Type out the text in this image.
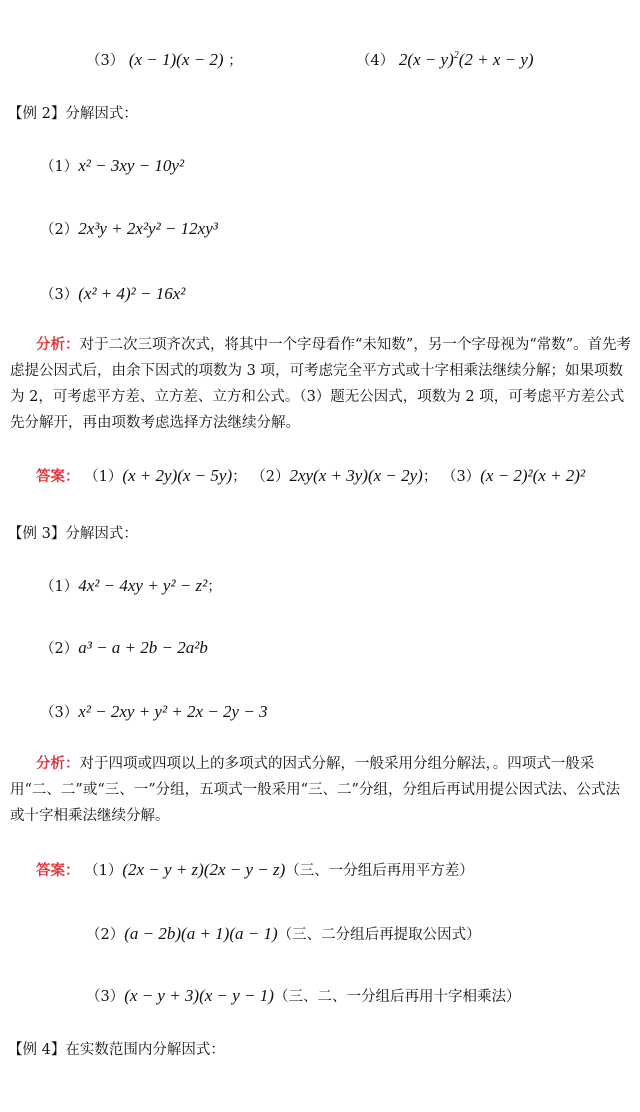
（3） (x − 1)(x − 2) ；	（4） $2(x - y)^2(2 + x - y)$
【例 2】分解因式：
（1）x² − 3xy − 10y²
（2）2x³y + 2x²y² − 12xy³
（3）(x² + 4)² − 16x²
分析：对于二次三项齐次式，将其中一个字母看作“未知数”，另一个字母视为“常数”。首先考虑提公因式后，由余下因式的项数为 3 项，可考虑完全平方式或十字相乘法继续分解；如果项数为 2，可考虑平方差、立方差、立方和公式。（3）题无公因式，项数为 2 项，可考虑平方差公式先分解开，再由项数考虑选择方法继续分解。
答案： （1）(x + 2y)(x − 5y)； （2）2xy(x + 3y)(x − 2y)； （3）(x − 2)²(x + 2)²
【例 3】分解因式：
（1）4x² − 4xy + y² − z²；
（2）a³ − a + 2b − 2a²b
（3）x² − 2xy + y² + 2x − 2y − 3
分析：对于四项或四项以上的多项式的因式分解，一般采用分组分解法，。四项式一般采用“二、二”或“三、一”分组，五项式一般采用“三、二”分组，分组后再试用提公因式法、公式法或十字相乘法继续分解。
答案： （1）(2x − y + z)(2x − y − z)（三、一分组后再用平方差）
（2）(a − 2b)(a + 1)(a − 1)（三、二分组后再提取公因式）
（3）(x − y + 3)(x − y − 1)（三、二、一分组后再用十字相乘法）
【例 4】在实数范围内分解因式：
